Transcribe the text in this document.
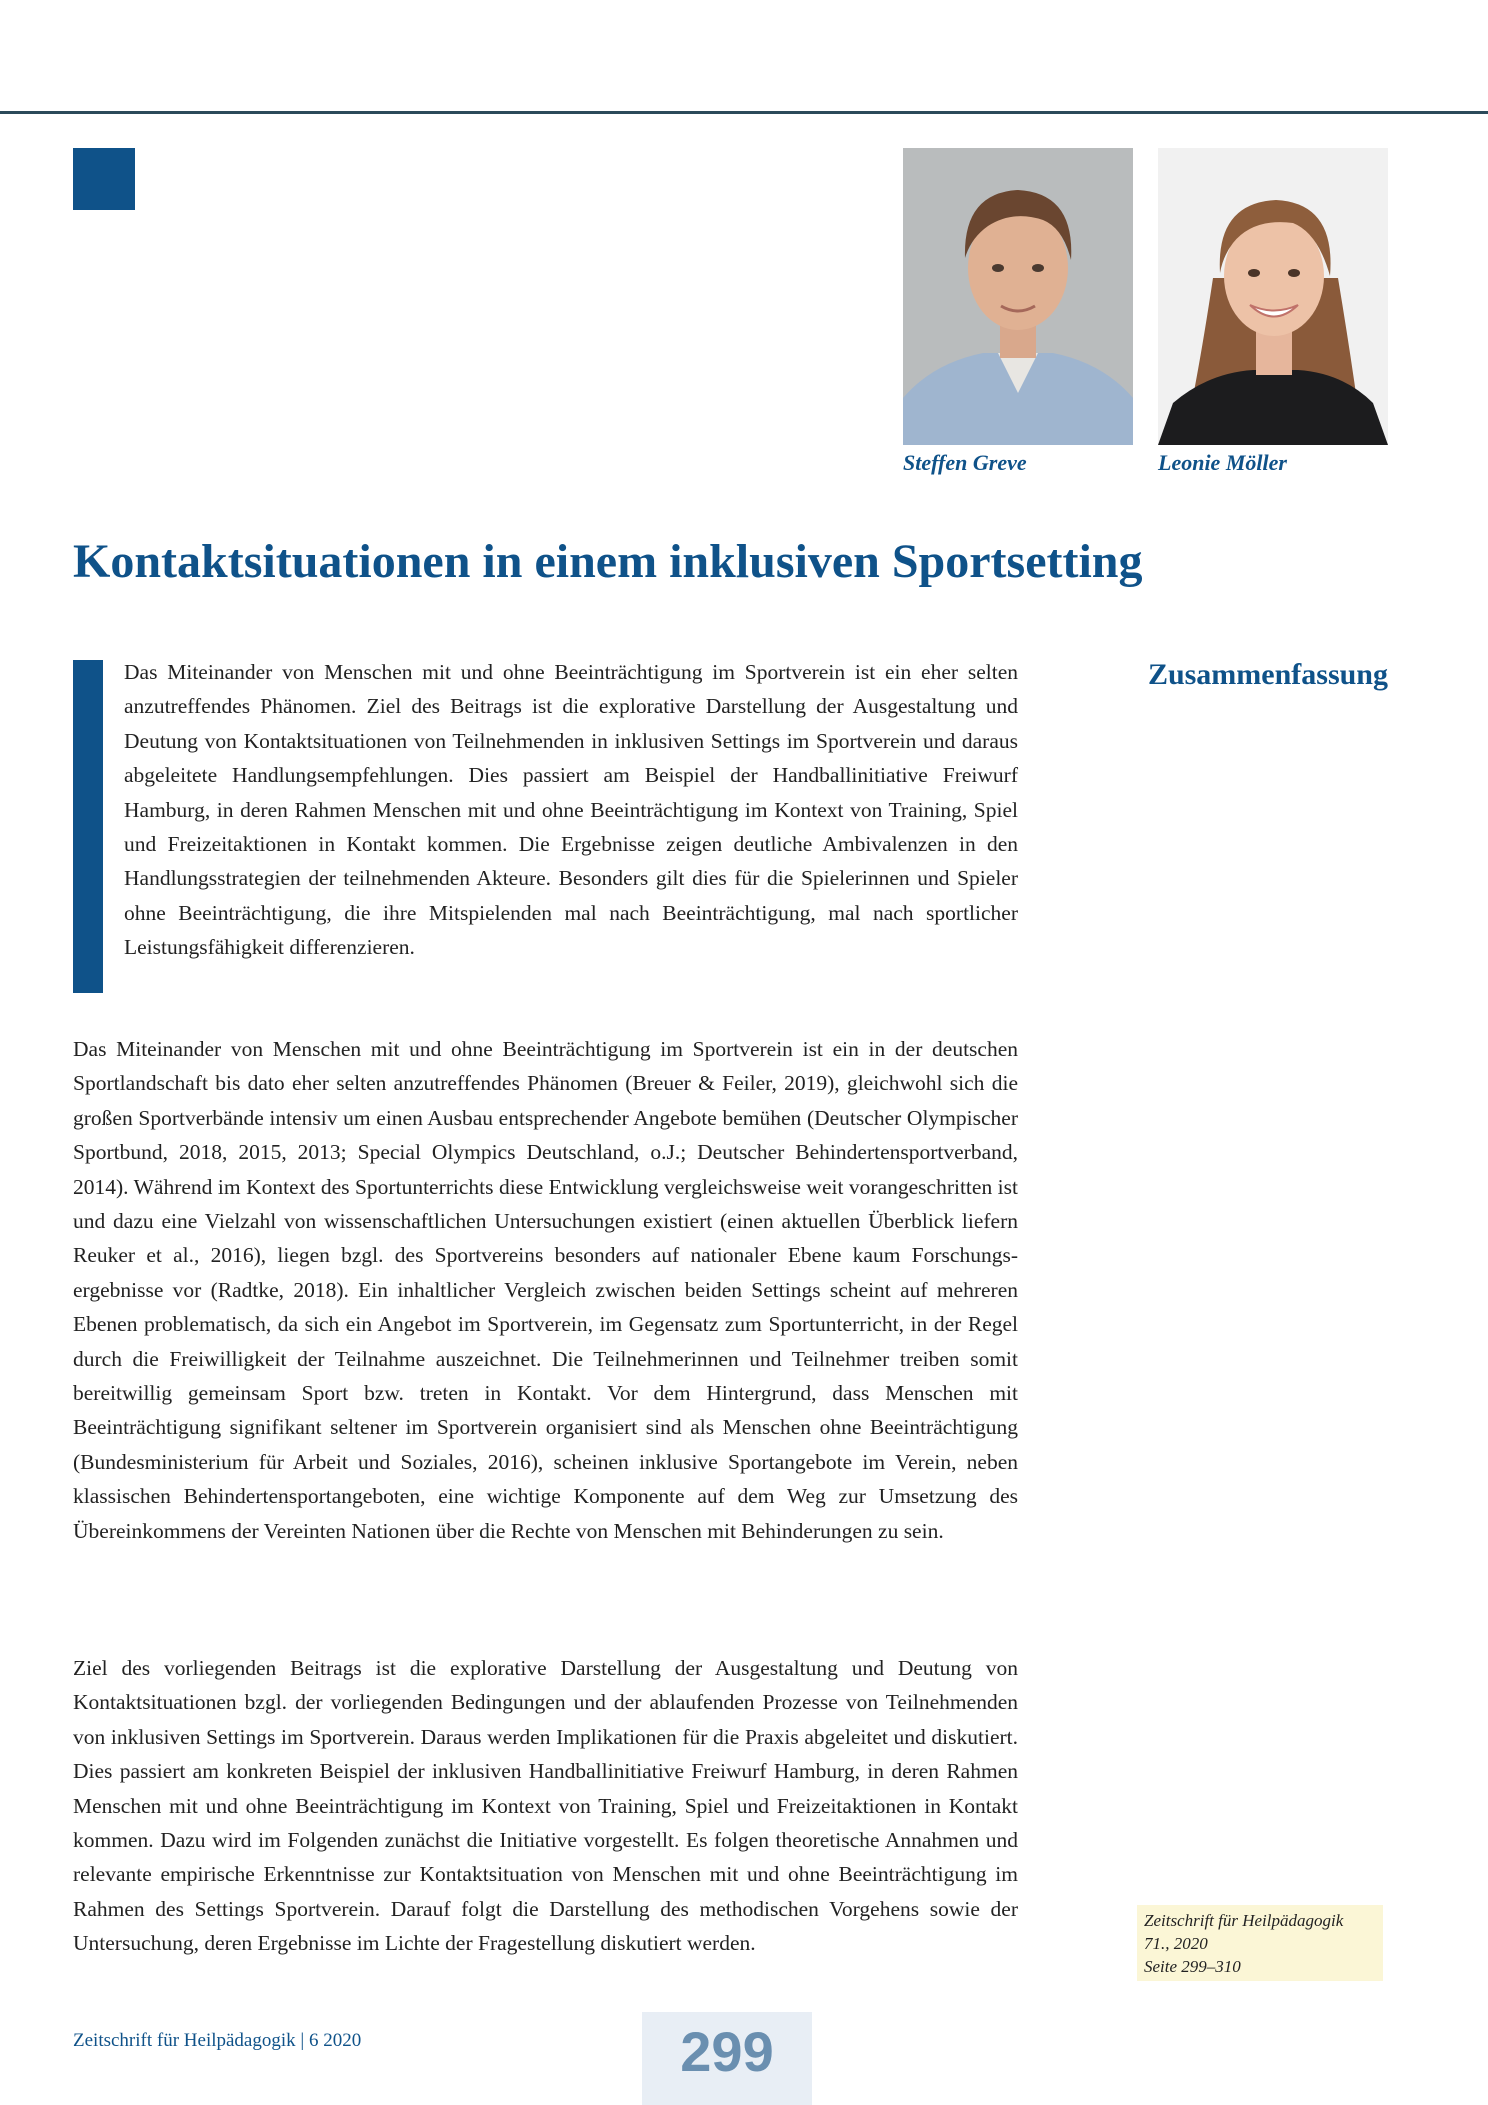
Steffen Greve	Leonie Möller
Kontaktsituationen in einem inklusiven Sportsetting

Das Miteinander von Menschen mit und ohne Beeinträchtigung im Sportverein ist ein eher selten anzutreffendes Phänomen. Ziel des Beitrags ist die explorative Darstellung der Ausgestaltung und Deutung von Kontaktsituationen von Teilnehmenden in inklusiven Settings im Sportverein und daraus abgeleitete Handlungsempfehlungen. Dies passiert am Beispiel der Handballinitiative Freiwurf Hamburg, in deren Rahmen Menschen mit und ohne Beeinträchtigung im Kontext von Training, Spiel und Freizeitaktionen in Kontakt kommen. Die Ergebnisse zeigen deutliche Ambivalenzen in den Handlungsstrategien der teilnehmenden Akteure. Besonders gilt dies für die Spielerinnen und Spieler ohne Beeinträchtigung, die ihre Mitspielenden mal nach Beeinträchtigung, mal nach sportlicher Leistungsfähigkeit differenzieren.

Zusammenfassung

Das Miteinander von Menschen mit und ohne Beeinträchtigung im Sportverein ist ein in der deutschen Sportlandschaft bis dato eher selten anzutreffendes Phänomen (Breuer & Feiler, 2019), gleichwohl sich die großen Sportverbände intensiv um einen Ausbau entsprechender Angebote bemühen (Deutscher Olympischer Sportbund, 2018, 2015, 2013; Special Olympics Deutschland, o.J.; Deutscher Behindertensportverband, 2014). Während im Kontext des Sportunterrichts diese Entwicklung vergleichsweise weit vorangeschritten ist und dazu eine Vielzahl von wissenschaftlichen Untersuchungen existiert (einen aktuellen Überblick liefern Reuker et al., 2016), liegen bzgl. des Sportvereins besonders auf nationaler Ebene kaum Forschungsergebnisse vor (Radtke, 2018). Ein inhaltlicher Vergleich zwischen beiden Settings scheint auf mehreren Ebenen problematisch, da sich ein Angebot im Sportverein, im Gegensatz zum Sportunterricht, in der Regel durch die Freiwilligkeit der Teilnahme auszeichnet. Die Teilnehmerinnen und Teilnehmer treiben somit bereitwillig gemeinsam Sport bzw. treten in Kontakt. Vor dem Hintergrund, dass Menschen mit Beeinträchtigung signifikant seltener im Sportverein organisiert sind als Menschen ohne Beeinträchtigung (Bundesministerium für Arbeit und Soziales, 2016), scheinen inklusive Sportangebote im Verein, neben klassischen Behindertensportangeboten, eine wichtige Komponente auf dem Weg zur Umsetzung des Übereinkommens der Vereinten Nationen über die Rechte von Menschen mit Behinderungen zu sein.

Ziel des vorliegenden Beitrags ist die explorative Darstellung der Ausgestaltung und Deutung von Kontaktsituationen bzgl. der vorliegenden Bedingungen und der ablaufenden Prozesse von Teilnehmenden von inklusiven Settings im Sportverein. Daraus werden Implikationen für die Praxis abgeleitet und diskutiert. Dies passiert am konkreten Beispiel der inklusiven Handballinitiative Freiwurf Hamburg, in deren Rahmen Menschen mit und ohne Beeinträchtigung im Kontext von Training, Spiel und Freizeitaktionen in Kontakt kommen. Dazu wird im Folgenden zunächst die Initiative vorgestellt. Es folgen theoretische Annahmen und relevante empirische Erkenntnisse zur Kontaktsituation von Menschen mit und ohne Beeinträchtigung im Rahmen des Settings Sportverein. Darauf folgt die Darstellung des methodischen Vorgehens sowie der Untersuchung, deren Ergebnisse im Lichte der Fragestellung diskutiert werden.

Zeitschrift für Heilpädagogik
71., 2020
Seite 299–310
Zeitschrift für Heilpädagogik | 6 2020	299
